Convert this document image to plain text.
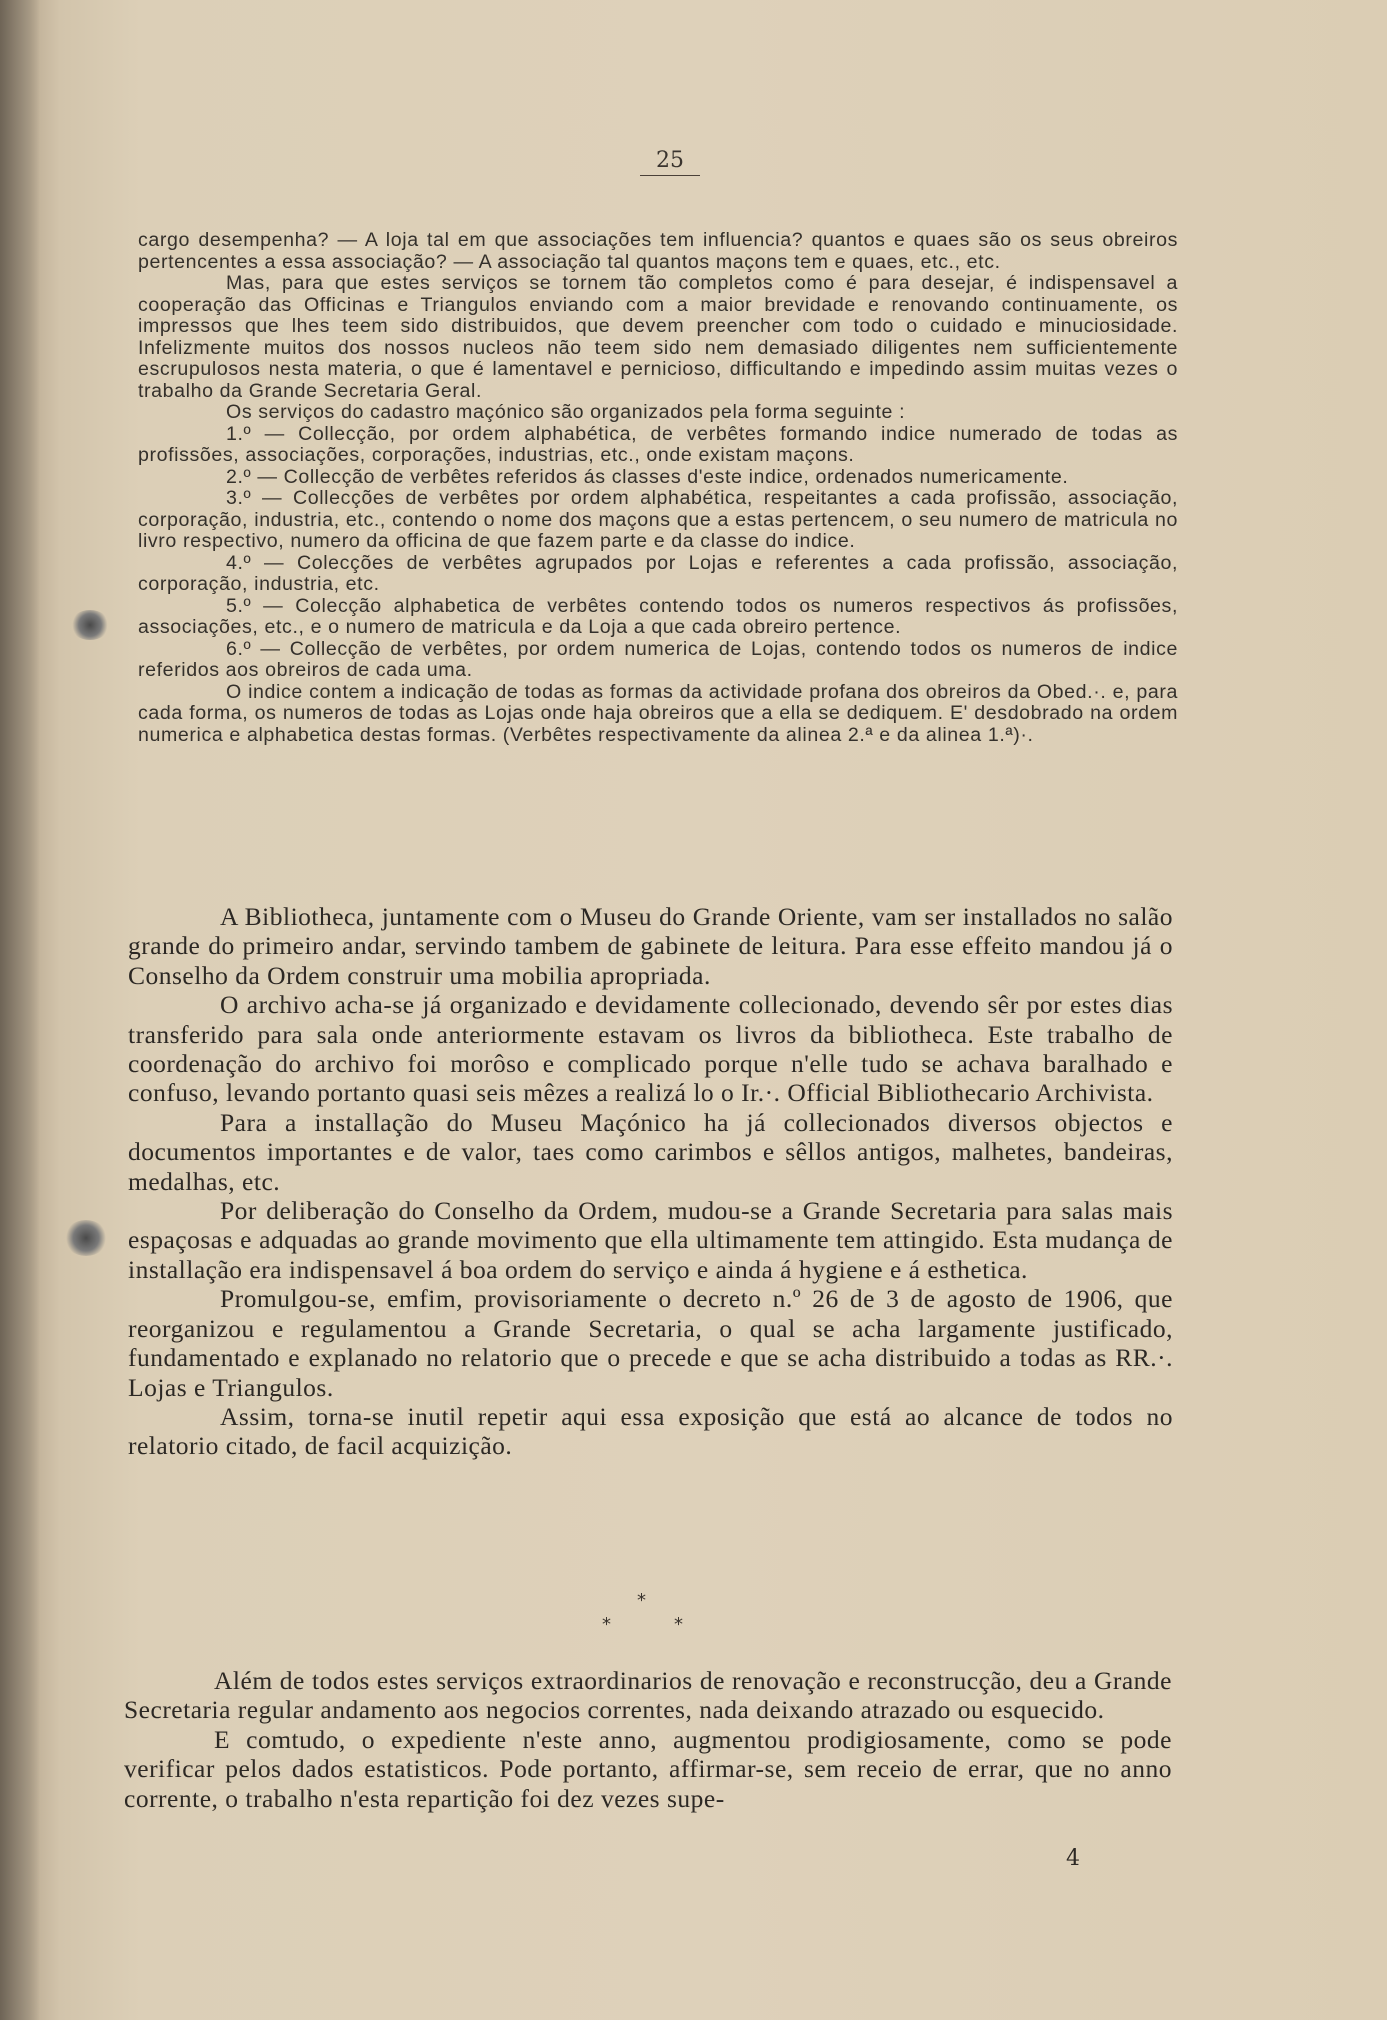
25

cargo desempenha? — A loja tal em que associações tem influencia? quantos e quaes são os seus obreiros pertencentes a essa associação? — A associação tal quantos maçons tem e quaes, etc., etc.

Mas, para que estes serviços se tornem tão completos como é para desejar, é indispensavel a cooperação das Officinas e Triangulos enviando com a maior brevidade e renovando continuamente, os impressos que lhes teem sido distribuidos, que devem preencher com todo o cuidado e minuciosidade. Infelizmente muitos dos nossos nucleos não teem sido nem demasiado diligentes nem sufficientemente escrupulosos nesta materia, o que é lamentavel e pernicioso, difficultando e impedindo assim muitas vezes o trabalho da Grande Secretaria Geral.

Os serviços do cadastro maçónico são organizados pela forma seguinte :

1.º — Collecção, por ordem alphabética, de verbêtes formando indice numerado de todas as profissões, associações, corporações, industrias, etc., onde existam maçons.

2.º — Collecção de verbêtes referidos ás classes d'este indice, ordenados numericamente.

3.º — Collecções de verbêtes por ordem alphabética, respeitantes a cada profissão, associação, corporação, industria, etc., contendo o nome dos maçons que a estas pertencem, o seu numero de matricula no livro respectivo, numero da officina de que fazem parte e da classe do indice.

4.º — Colecções de verbêtes agrupados por Lojas e referentes a cada profissão, associação, corporação, industria, etc.

5.º — Colecção alphabetica de verbêtes contendo todos os numeros respectivos ás profissões, associações, etc., e o numero de matricula e da Loja a que cada obreiro pertence.

6.º — Collecção de verbêtes, por ordem numerica de Lojas, contendo todos os numeros de indice referidos aos obreiros de cada uma.

O indice contem a indicação de todas as formas da actividade profana dos obreiros da Obed.·. e, para cada forma, os numeros de todas as Lojas onde haja obreiros que a ella se dediquem. E' desdobrado na ordem numerica e alphabetica destas formas. (Verbêtes respectivamente da alinea 2.ª e da alinea 1.ª)·.

A Bibliotheca, juntamente com o Museu do Grande Oriente, vam ser installados no salão grande do primeiro andar, servindo tambem de gabinete de leitura. Para esse effeito mandou já o Conselho da Ordem construir uma mobilia apropriada.

O archivo acha-se já organizado e devidamente collecionado, devendo sêr por estes dias transferido para sala onde anteriormente estavam os livros da bibliotheca. Este trabalho de coordenação do archivo foi morôso e complicado porque n'elle tudo se achava baralhado e confuso, levando portanto quasi seis mêzes a realizá lo o Ir.·. Official Bibliothecario Archivista.

Para a installação do Museu Maçónico ha já collecionados diversos objectos e documentos importantes e de valor, taes como carimbos e sêllos antigos, malhetes, bandeiras, medalhas, etc.

Por deliberação do Conselho da Ordem, mudou-se a Grande Secretaria para salas mais espaçosas e adquadas ao grande movimento que ella ultimamente tem attingido. Esta mudança de installação era indispensavel á boa ordem do serviço e ainda á hygiene e á esthetica.

Promulgou-se, emfim, provisoriamente o decreto n.º 26 de 3 de agosto de 1906, que reorganizou e regulamentou a Grande Secretaria, o qual se acha largamente justificado, fundamentado e explanado no relatorio que o precede e que se acha distribuido a todas as RR.·. Lojas e Triangulos.

Assim, torna-se inutil repetir aqui essa exposição que está ao alcance de todos no relatorio citado, de facil acquizição.

*
*	*

Além de todos estes serviços extraordinarios de renovação e reconstrucção, deu a Grande Secretaria regular andamento aos negocios correntes, nada deixando atrazado ou esquecido.

E comtudo, o expediente n'este anno, augmentou prodigiosamente, como se pode verificar pelos dados estatisticos. Pode portanto, affirmar-se, sem receio de errar, que no anno corrente, o trabalho n'esta repartição foi dez vezes supe-

4
